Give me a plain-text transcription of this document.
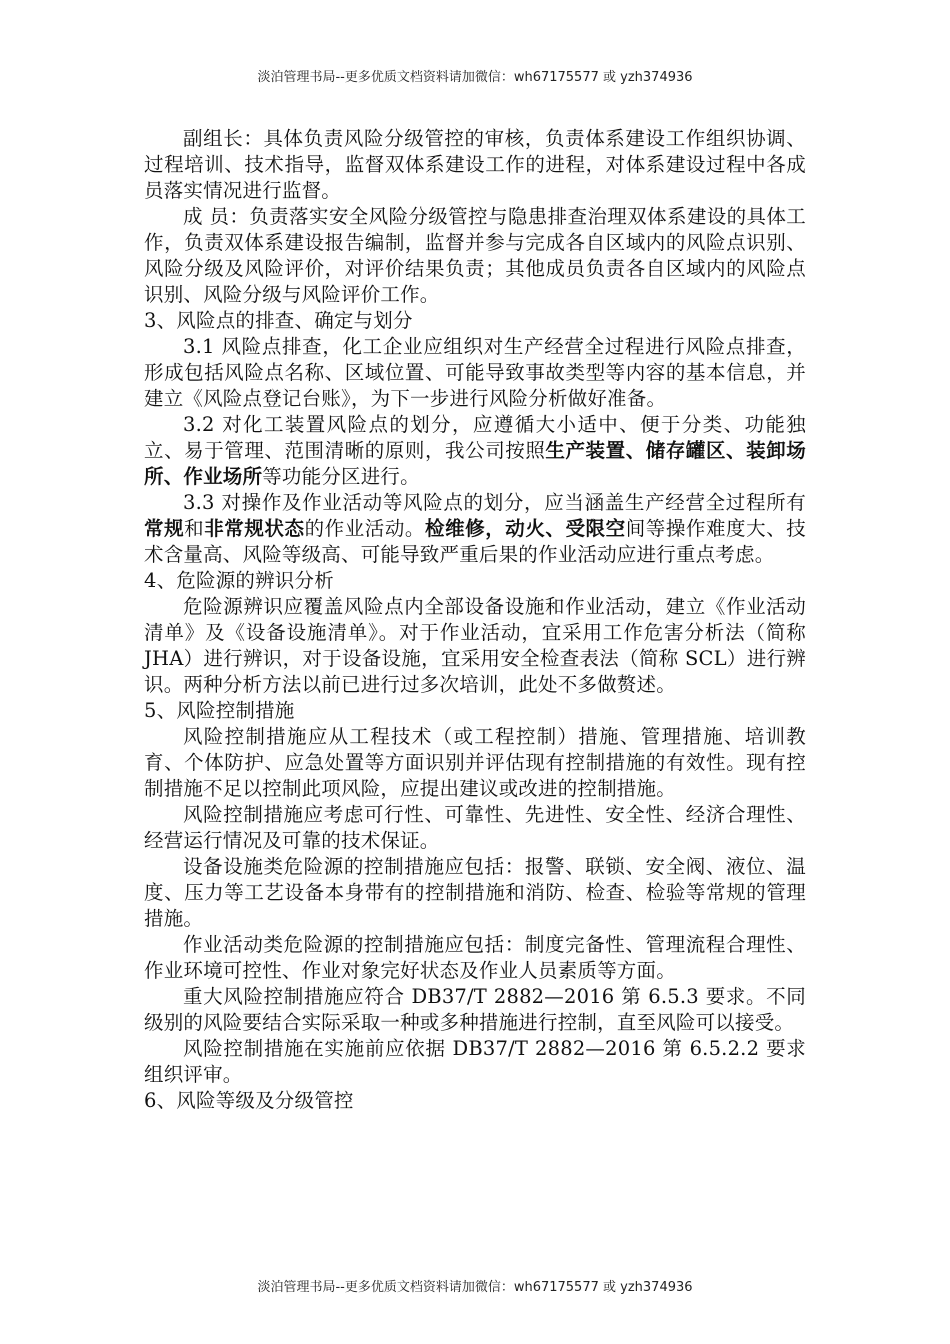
淡泊管理书局--更多优质文档资料请加微信：wh67175577 或 yzh374936

副组长：具体负责风险分级管控的审核，负责体系建设工作组织协调、过程培训、技术指导，监督双体系建设工作的进程，对体系建设过程中各成员落实情况进行监督。

成 员：负责落实安全风险分级管控与隐患排查治理双体系建设的具体工作，负责双体系建设报告编制，监督并参与完成各自区域内的风险点识别、风险分级及风险评价，对评价结果负责；其他成员负责各自区域内的风险点识别、风险分级与风险评价工作。

3、风险点的排查、确定与划分

3.1 风险点排查，化工企业应组织对生产经营全过程进行风险点排查，形成包括风险点名称、区域位置、可能导致事故类型等内容的基本信息，并建立《风险点登记台账》，为下一步进行风险分析做好准备。

3.2 对化工装置风险点的划分，应遵循大小适中、便于分类、功能独立、易于管理、范围清晰的原则，我公司按照生产装置、储存罐区、装卸场所、作业场所等功能分区进行。

3.3 对操作及作业活动等风险点的划分，应当涵盖生产经营全过程所有常规和非常规状态的作业活动。检维修，动火、受限空间等操作难度大、技术含量高、风险等级高、可能导致严重后果的作业活动应进行重点考虑。

4、危险源的辨识分析

危险源辨识应覆盖风险点内全部设备设施和作业活动，建立《作业活动清单》及《设备设施清单》。对于作业活动，宜采用工作危害分析法（简称 JHA）进行辨识，对于设备设施，宜采用安全检查表法（简称 SCL）进行辨识。两种分析方法以前已进行过多次培训，此处不多做赘述。

5、风险控制措施

风险控制措施应从工程技术（或工程控制）措施、管理措施、培训教育、个体防护、应急处置等方面识别并评估现有控制措施的有效性。现有控制措施不足以控制此项风险，应提出建议或改进的控制措施。

风险控制措施应考虑可行性、可靠性、先进性、安全性、经济合理性、经营运行情况及可靠的技术保证。

设备设施类危险源的控制措施应包括：报警、联锁、安全阀、液位、温度、压力等工艺设备本身带有的控制措施和消防、检查、检验等常规的管理措施。

作业活动类危险源的控制措施应包括：制度完备性、管理流程合理性、作业环境可控性、作业对象完好状态及作业人员素质等方面。

重大风险控制措施应符合 DB37/T 2882—2016 第 6.5.3 要求。不同级别的风险要结合实际采取一种或多种措施进行控制，直至风险可以接受。

风险控制措施在实施前应依据 DB37/T 2882—2016 第 6.5.2.2 要求组织评审。

6、风险等级及分级管控

淡泊管理书局--更多优质文档资料请加微信：wh67175577 或 yzh374936
